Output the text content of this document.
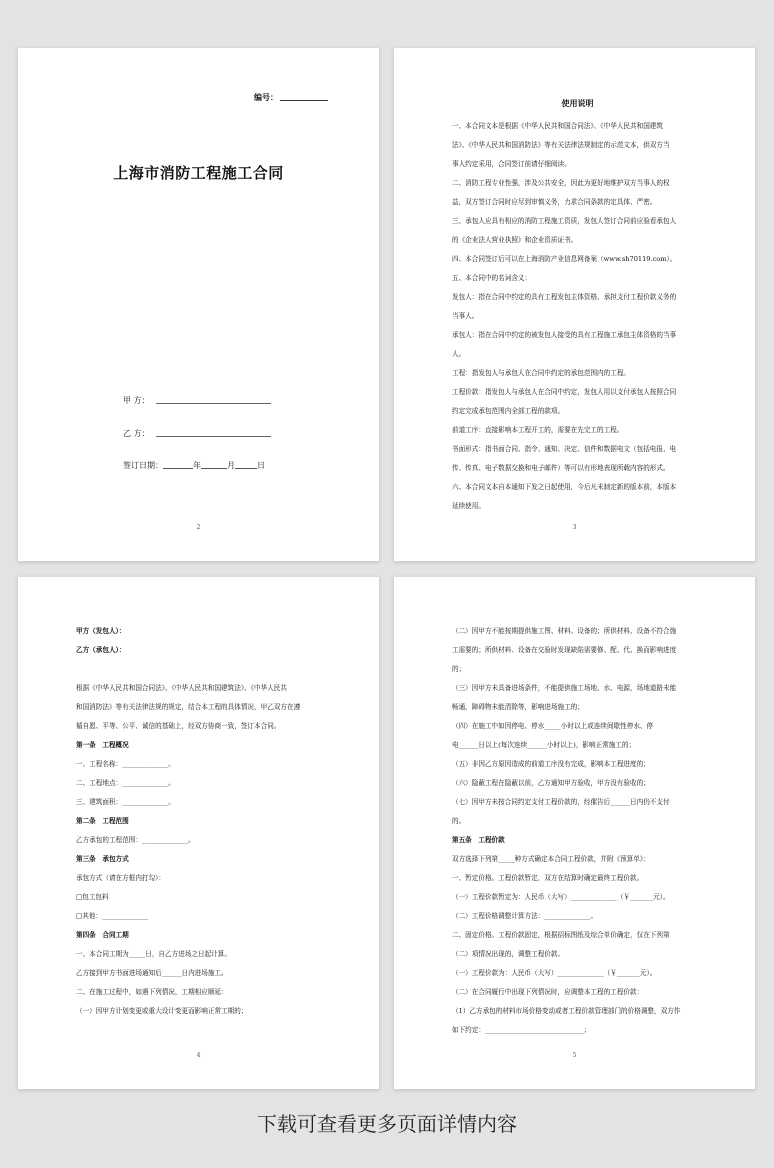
编号：
上海市消防工程施工合同
甲 方：
乙 方：
签订日期：	年	月	日
2
使用说明

一、本合同文本是根据《中华人民共和国合同法》、《中华人民共和国建筑

法》、《中华人民共和国消防法》等有关法律法规制定的示范文本，供双方当

事人约定采用，合同签订前请仔细阅读。

二、消防工程专业性强，涉及公共安全，因此为更好地维护双方当事人的权

益，双方签订合同时应尽到审慎义务，力求合同条款的定具体、严密。

三、承包人应具有相应的消防工程施工资质，发包人签订合同前应验看承包人

的《企业法人营业执照》和企业资质证书。

四、本合同签订后可以在上海消防产业信息网备案（www.sh70119.com）。

五、本合同中的名词含义：

发包人：指在合同中约定的具有工程发包主体资格、承担支付工程价款义务的

当事人。

承包人：指在合同中约定的被发包人接受的具有工程施工承包主体资格的当事

人。

工程：指发包人与承包人在合同中约定的承包范围内的工程。

工程价款：指发包人与承包人在合同中约定，发包人用以支付承包人按照合同

约定完成承包范围内全部工程的款项。

前道工序：直接影响本工程开工的，需要在先完工的工程。

书面形式：指书面合同、指令、通知、决定、信件和数据电文（包括电报、电

传、传真、电子数据交换和电子邮件）等可以有形地表现所载内容的形式。

六、本合同文本自本通知下发之日起使用，今后凡未制定新的版本前，本版本

延续使用。

3

甲方（发包人）：

乙方（承包人）：

根据《中华人民共和国合同法》、《中华人民共和国建筑法》、《中华人民共

和国消防法》等有关法律法规的规定，结合本工程的具体情况，甲乙双方在遵

循自愿、平等、公平、诚信的基础上，经双方协商一致，签订本合同。

第一条　工程概况

一、工程名称：______________。

二、工程地点：______________。

三、建筑面积：______________。

第二条　工程范围

乙方承包的工程范围：______________。

第三条　承包方式

承包方式（请在方框内打勾）：

□包工包料

□其他：______________

第四条　合同工期

一、本合同工期为_____日，自乙方进场之日起计算。

乙方接到甲方书面进场通知后______日内进场施工。

二、在施工过程中，如遇下列情况，工期相应顺延：

（一）因甲方计划变更或重大设计变更而影响正常工期的；

4

（二）因甲方不能按期提供施工图、材料、设备的；所供材料、设备不符合施

工需要的；所供材料、设备在交验时发现缺陷需要修、配、代、换而影响进度

的；

（三）因甲方未具备进场条件，不能提供施工场地、水、电源，场地道路未能

畅通，障碍物未能清除等，影响进场施工的；

（四）在施工中如因停电、停水_____小时以上或连续间歇性停水、停

电______日以上(每次连续______小时以上)，影响正常施工的；

（五）非因乙方原因造成的前道工序没有完成，影响本工程进度的；

（六）隐蔽工程在隐蔽以前，乙方通知甲方验收，甲方没有验收的；

（七）因甲方未按合同约定支付工程价款的，经催告后______日内仍不支付

的。

第五条　工程价款

双方选择下列第_____种方式确定本合同工程价款，并附《预算单》：

一、暂定价格。工程价款暂定，双方在结算时确定最终工程价款。

（一）工程价款暂定为：人民币（大写）______________（￥_______元）。

（二）工程价格调整计算方法：______________。

二、固定价格。工程价款固定，根据招标图纸及综合单价确定，仅在下列第

（二）项情况出现的，调整工程价款。

（一）工程价款为：人民币（大写）______________（￥_______元）。

（二）在合同履行中出现下列情况时，应调整本工程的工程价款：

（1）乙方承包的材料市场价格变动或者工程价款管理部门的价格调整，双方作

如下约定：______________________________；

5
下载可查看更多页面详情内容
